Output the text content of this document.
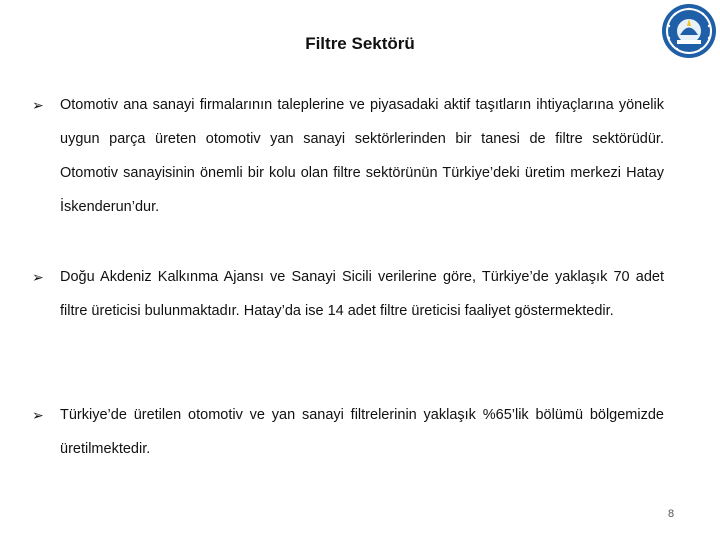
Filtre Sektörü
➢	Otomotiv ana sanayi firmalarının taleplerine ve piyasadaki aktif taşıtların ihtiyaçlarına yönelik uygun parça üreten otomotiv yan sanayi sektörlerinden bir tanesi de filtre sektörüdür. Otomotiv sanayisinin önemli bir kolu olan filtre sektörünün Türkiye’deki üretim merkezi Hatay İskenderun’dur.
➢	Doğu Akdeniz Kalkınma Ajansı ve Sanayi Sicili verilerine göre, Türkiye’de yaklaşık 70 adet filtre üreticisi bulunmaktadır. Hatay’da ise 14 adet filtre üreticisi faaliyet göstermektedir.
➢	Türkiye’de üretilen otomotiv ve yan sanayi filtrelerinin yaklaşık %65’lik bölümü bölgemizde üretilmektedir.
8
